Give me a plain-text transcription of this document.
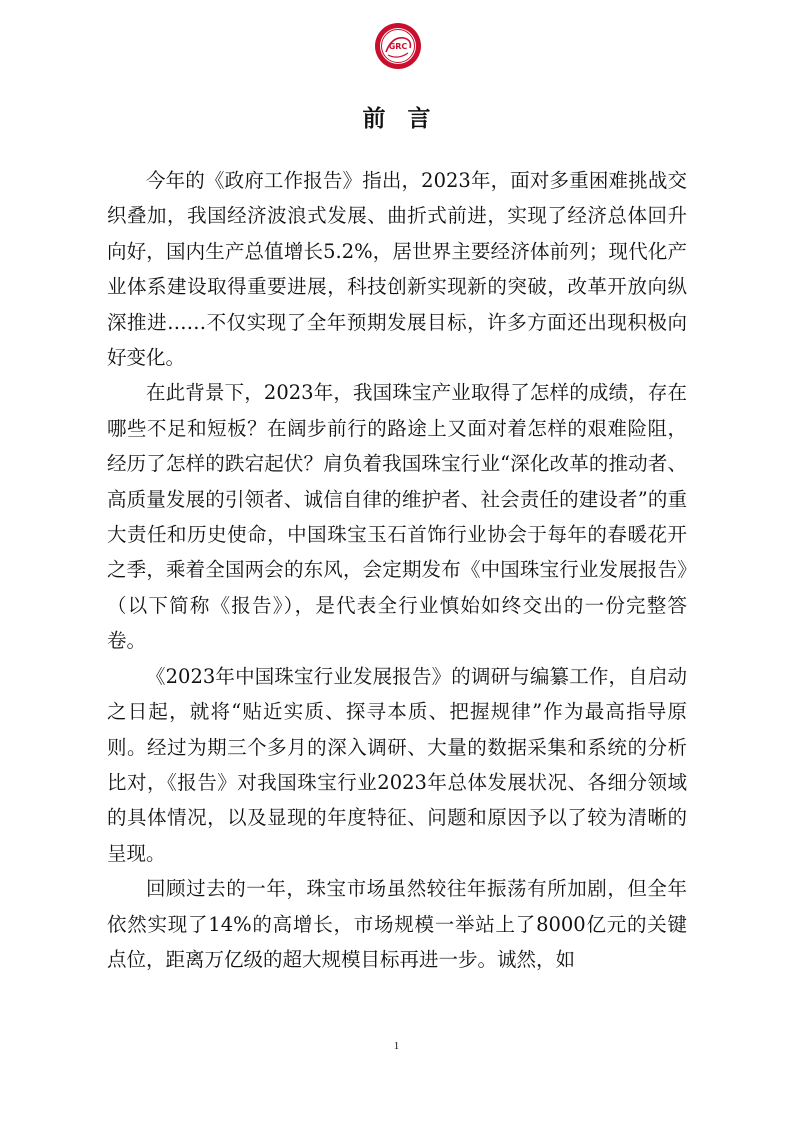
GRC
前言

今年的《政府工作报告》指出，2023年，面对多重困难挑战交织叠加，我国经济波浪式发展、曲折式前进，实现了经济总体回升向好，国内生产总值增长5.2%，居世界主要经济体前列；现代化产业体系建设取得重要进展，科技创新实现新的突破，改革开放向纵深推进……不仅实现了全年预期发展目标，许多方面还出现积极向好变化。

在此背景下，2023年，我国珠宝产业取得了怎样的成绩，存在哪些不足和短板？在阔步前行的路途上又面对着怎样的艰难险阻，经历了怎样的跌宕起伏？肩负着我国珠宝行业“深化改革的推动者、高质量发展的引领者、诚信自律的维护者、社会责任的建设者”的重大责任和历史使命，中国珠宝玉石首饰行业协会于每年的春暖花开之季，乘着全国两会的东风，会定期发布《中国珠宝行业发展报告》（以下简称《报告》），是代表全行业慎始如终交出的一份完整答卷。

《2023年中国珠宝行业发展报告》的调研与编纂工作，自启动之日起，就将“贴近实质、探寻本质、把握规律”作为最高指导原则。经过为期三个多月的深入调研、大量的数据采集和系统的分析比对，《报告》对我国珠宝行业2023年总体发展状况、各细分领域的具体情况，以及显现的年度特征、问题和原因予以了较为清晰的呈现。

回顾过去的一年，珠宝市场虽然较往年振荡有所加剧，但全年依然实现了14%的高增长，市场规模一举站上了8000亿元的关键点位，距离万亿级的超大规模目标再进一步。诚然，如

1
